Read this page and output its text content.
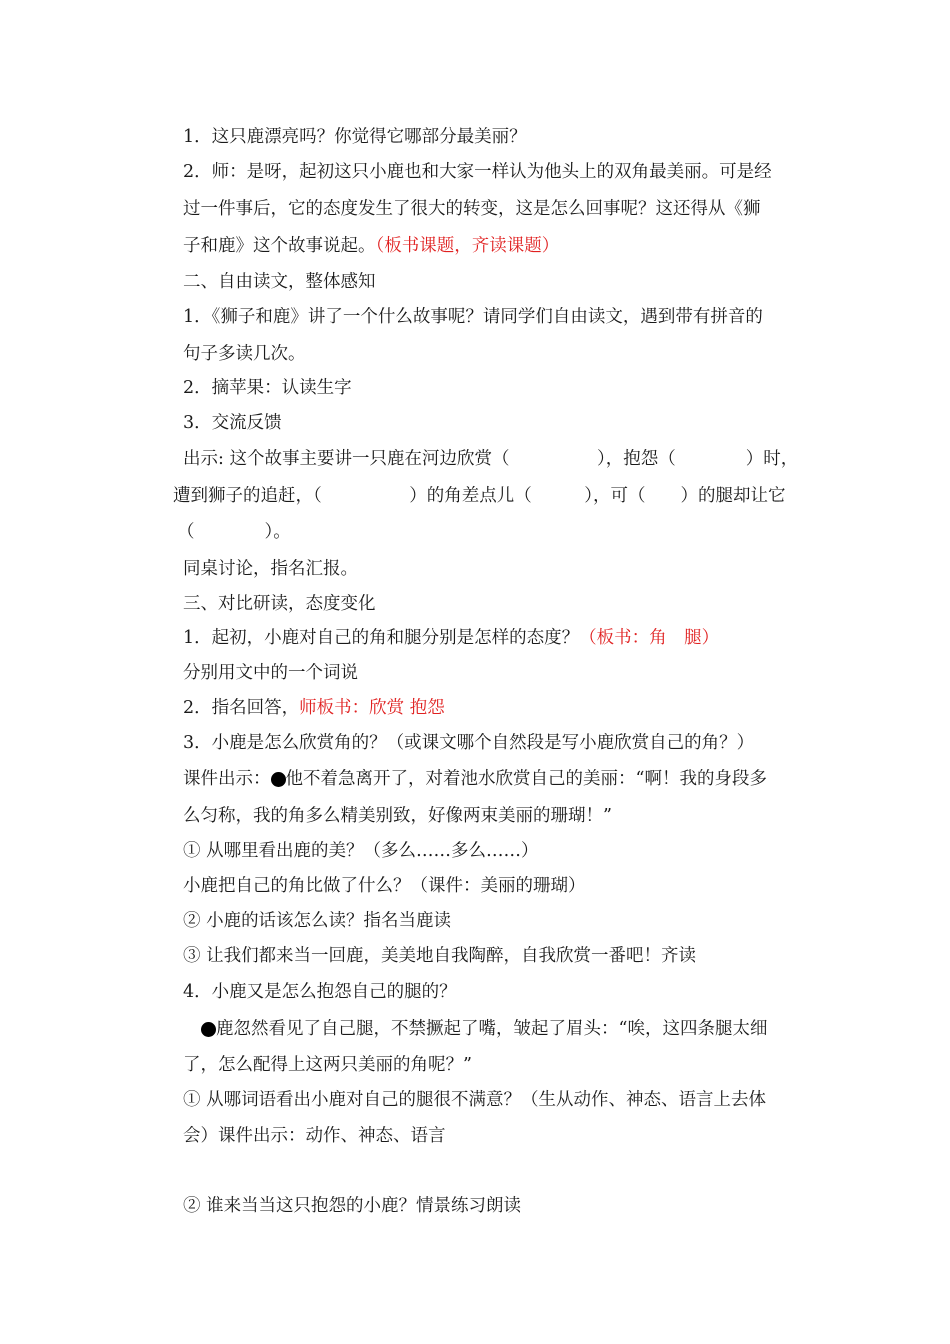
1．这只鹿漂亮吗？你觉得它哪部分最美丽？
2．师：是呀，起初这只小鹿也和大家一样认为他头上的双角最美丽。可是经
过一件事后，它的态度发生了很大的转变，这是怎么回事呢？这还得从《狮
子和鹿》这个故事说起。（板书课题，齐读课题）
二、自由读文，整体感知
1．《狮子和鹿》讲了一个什么故事呢？请同学们自由读文，遇到带有拼音的
句子多读几次。
2．摘苹果：认读生字
3．交流反馈
出示: 这个故事主要讲一只鹿在河边欣赏（　　　　　），抱怨（　　　　）时，
遭到狮子的追赶，（　　　　　）的角差点儿（　　　），可（　　）的腿却让它
（　　　　）。
同桌讨论，指名汇报。
三、对比研读，态度变化
1．起初，小鹿对自己的角和腿分别是怎样的态度？（板书：角　腿）
分别用文中的一个词说
2．指名回答，师板书：欣赏 抱怨
3．小鹿是怎么欣赏角的？（或课文哪个自然段是写小鹿欣赏自己的角？）
课件出示： 他不着急离开了，对着池水欣赏自己的美丽：“啊！我的身段多
么匀称，我的角多么精美别致，好像两束美丽的珊瑚！”
① 从哪里看出鹿的美？（多么……多么……）
小鹿把自己的角比做了什么？（课件：美丽的珊瑚）
② 小鹿的话该怎么读？指名当鹿读
③ 让我们都来当一回鹿，美美地自我陶醉，自我欣赏一番吧！齐读
4．小鹿又是怎么抱怨自己的腿的？
鹿忽然看见了自己腿，不禁撅起了嘴，皱起了眉头：“唉，这四条腿太细
了，怎么配得上这两只美丽的角呢？”
① 从哪词语看出小鹿对自己的腿很不满意？（生从动作、神态、语言上去体
会）课件出示：动作、神态、语言
② 谁来当当这只抱怨的小鹿？情景练习朗读
